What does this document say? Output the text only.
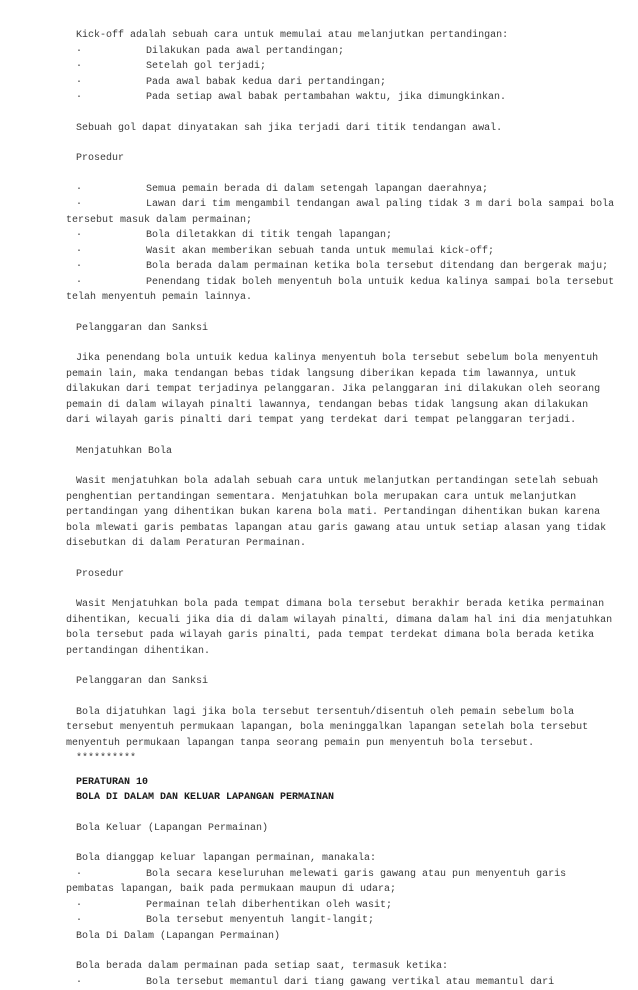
Kick-off adalah sebuah cara untuk memulai atau melanjutkan pertandingan:
·	Dilakukan pada awal pertandingan;
·	Setelah gol terjadi;
·	Pada awal babak kedua dari pertandingan;
·	Pada setiap awal babak pertambahan waktu, jika dimungkinkan.
Sebuah gol dapat dinyatakan sah jika terjadi dari titik tendangan awal.
Prosedur
·	Semua pemain berada di dalam setengah lapangan daerahnya;
·	Lawan dari tim mengambil tendangan awal paling tidak 3 m dari bola sampai bola tersebut masuk dalam permainan;
·	Bola diletakkan di titik tengah lapangan;
·	Wasit akan memberikan sebuah tanda untuk memulai kick-off;
·	Bola berada dalam permainan ketika bola tersebut ditendang dan bergerak maju;
·	Penendang tidak boleh menyentuh bola untuik kedua kalinya sampai bola tersebut telah menyentuh pemain lainnya.
Pelanggaran dan Sanksi
Jika penendang bola untuik kedua kalinya menyentuh bola tersebut sebelum bola menyentuh pemain lain, maka tendangan bebas tidak langsung diberikan kepada tim lawannya, untuk dilakukan dari tempat terjadinya pelanggaran. Jika pelanggaran ini dilakukan oleh seorang pemain di dalam wilayah pinalti lawannya, tendangan bebas tidak langsung akan dilakukan dari wilayah garis pinalti dari tempat yang terdekat dari tempat pelanggaran terjadi.
Menjatuhkan Bola
Wasit menjatuhkan bola adalah sebuah cara untuk melanjutkan pertandingan setelah sebuah penghentian pertandingan sementara. Menjatuhkan bola merupakan cara untuk melanjutkan pertandingan yang dihentikan bukan karena bola mati. Pertandingan dihentikan bukan karena bola mlewati garis pembatas lapangan atau garis gawang atau untuk setiap alasan yang tidak disebutkan di dalam Peraturan Permainan.
Prosedur
Wasit Menjatuhkan bola pada tempat dimana bola tersebut berakhir berada ketika permainan dihentikan, kecuali jika dia di dalam wilayah pinalti, dimana dalam hal ini dia menjatuhkan bola tersebut pada wilayah garis pinalti, pada tempat terdekat dimana bola berada ketika pertandingan dihentikan.
Pelanggaran dan Sanksi
Bola dijatuhkan lagi jika bola tersebut tersentuh/disentuh oleh pemain sebelum bola tersebut menyentuh permukaan lapangan, bola meninggalkan lapangan setelah bola tersebut menyentuh permukaan lapangan tanpa seorang pemain pun menyentuh bola tersebut.
**********
PERATURAN 10
BOLA DI DALAM DAN KELUAR LAPANGAN PERMAINAN
Bola Keluar (Lapangan Permainan)
Bola dianggap keluar lapangan permainan, manakala:
·	Bola secara keseluruhan melewati garis gawang atau pun menyentuh garis pembatas lapangan, baik pada permukaan maupun di udara;
·	Permainan telah diberhentikan oleh wasit;
·	Bola tersebut menyentuh langit-langit;
Bola Di Dalam (Lapangan Permainan)
Bola berada dalam permainan pada setiap saat, termasuk ketika:
·	Bola tersebut memantul dari tiang gawang vertikal atau memantul dari
